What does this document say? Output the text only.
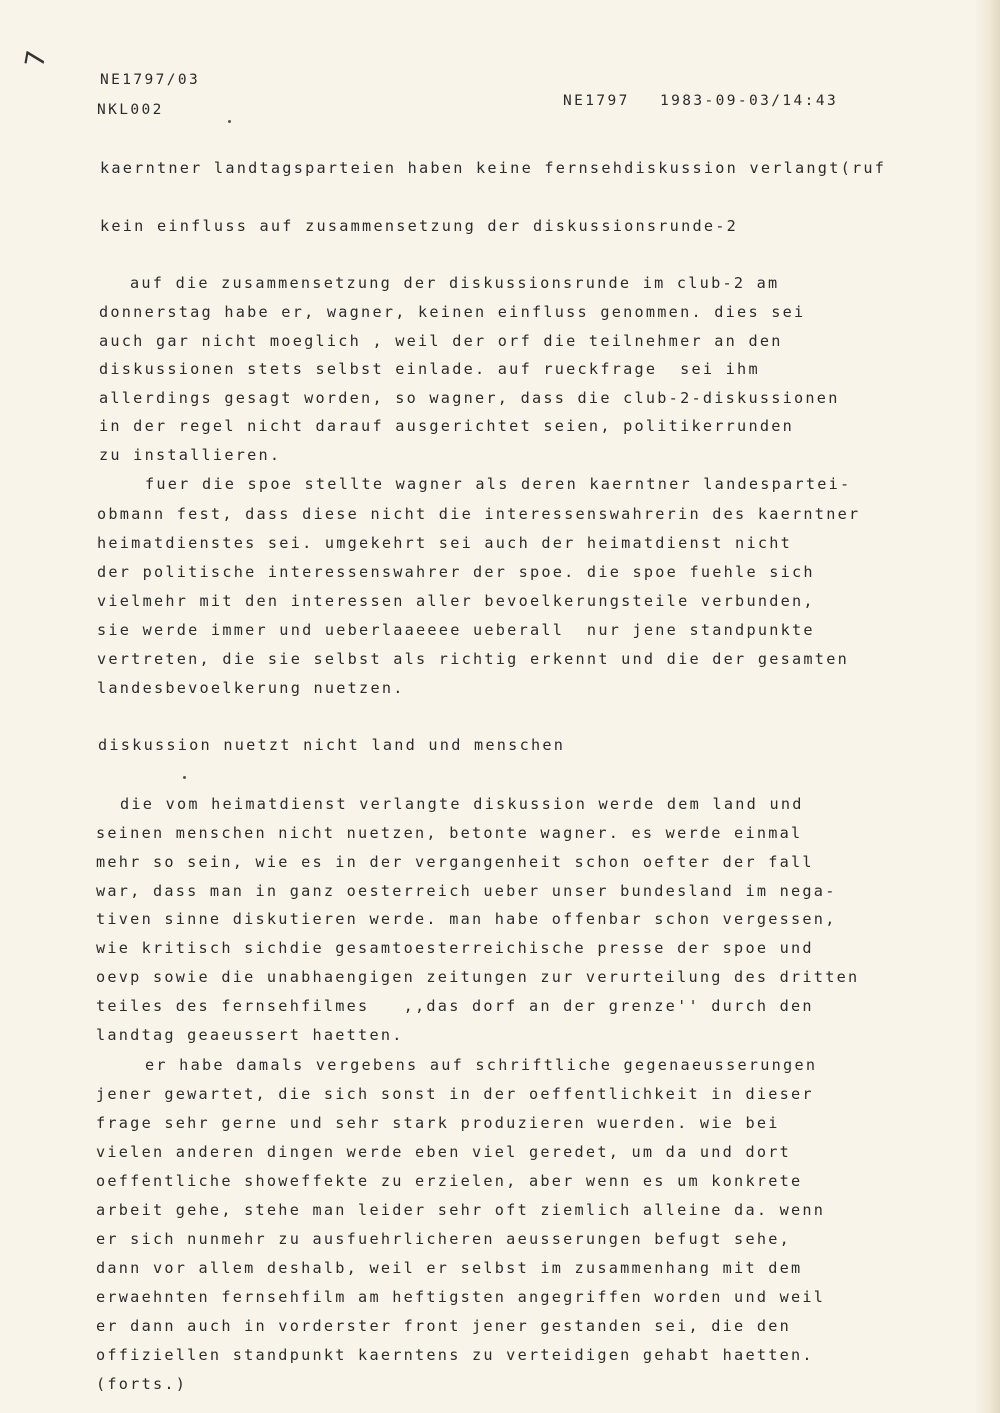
7
NE1797/03
NKL002
NE1797 1983-09-03/14:43
kaerntner landtagsparteien haben keine fernsehdiskussion verlangt(ruf
kein einfluss auf zusammensetzung der diskussionsrunde-2
auf die zusammensetzung der diskussionsrunde im club-2 am
donnerstag habe er, wagner, keinen einfluss genommen. dies sei
auch gar nicht moeglich , weil der orf die teilnehmer an den
diskussionen stets selbst einlade. auf rueckfrage  sei ihm
allerdings gesagt worden, so wagner, dass die club-2-diskussionen
in der regel nicht darauf ausgerichtet seien, politikerrunden
zu installieren.
fuer die spoe stellte wagner als deren kaerntner landespartei-
obmann fest, dass diese nicht die interessenswahrerin des kaerntner
heimatdienstes sei. umgekehrt sei auch der heimatdienst nicht
der politische interessenswahrer der spoe. die spoe fuehle sich
vielmehr mit den interessen aller bevoelkerungsteile verbunden,
sie werde immer und ueberlaaeeee ueberall  nur jene standpunkte
vertreten, die sie selbst als richtig erkennt und die der gesamten
landesbevoelkerung nuetzen.
diskussion nuetzt nicht land und menschen
die vom heimatdienst verlangte diskussion werde dem land und
seinen menschen nicht nuetzen, betonte wagner. es werde einmal
mehr so sein, wie es in der vergangenheit schon oefter der fall
war, dass man in ganz oesterreich ueber unser bundesland im nega-
tiven sinne diskutieren werde. man habe offenbar schon vergessen,
wie kritisch sichdie gesamtoesterreichische presse der spoe und
oevp sowie die unabhaengigen zeitungen zur verurteilung des dritten
teiles des fernsehfilmes   ,,das dorf an der grenze'' durch den
landtag geaeussert haetten.
er habe damals vergebens auf schriftliche gegenaeusserungen
jener gewartet, die sich sonst in der oeffentlichkeit in dieser
frage sehr gerne und sehr stark produzieren wuerden. wie bei
vielen anderen dingen werde eben viel geredet, um da und dort
oeffentliche showeffekte zu erzielen, aber wenn es um konkrete
arbeit gehe, stehe man leider sehr oft ziemlich alleine da. wenn
er sich nunmehr zu ausfuehrlicheren aeusserungen befugt sehe,
dann vor allem deshalb, weil er selbst im zusammenhang mit dem
erwaehnten fernsehfilm am heftigsten angegriffen worden und weil
er dann auch in vorderster front jener gestanden sei, die den
offiziellen standpunkt kaerntens zu verteidigen gehabt haetten.
(forts.)
